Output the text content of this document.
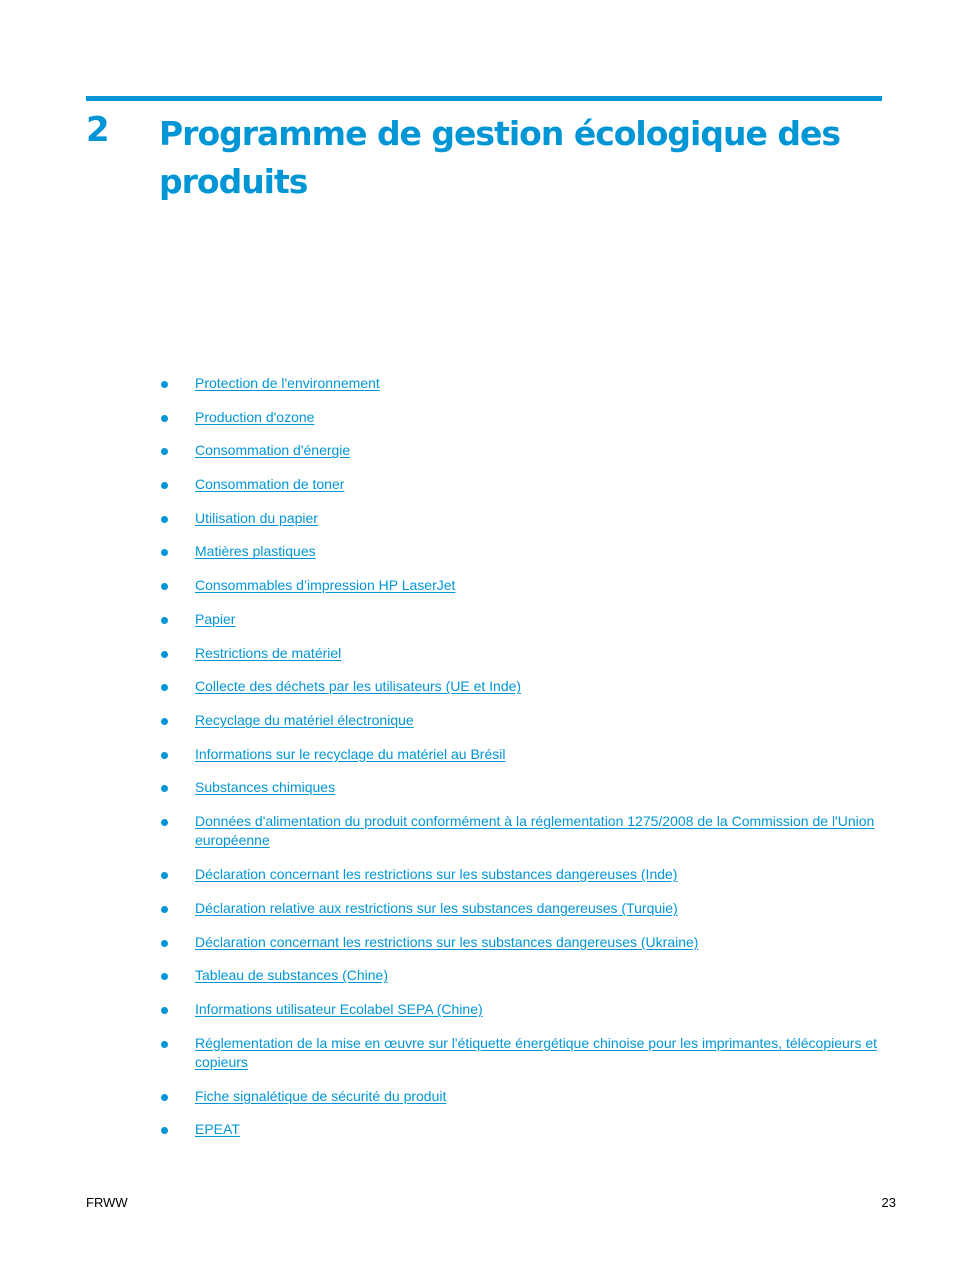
2 Programme de gestion écologique des produits
Protection de l'environnement
Production d'ozone
Consommation d'énergie
Consommation de toner
Utilisation du papier
Matières plastiques
Consommables d’impression HP LaserJet
Papier
Restrictions de matériel
Collecte des déchets par les utilisateurs (UE et Inde)
Recyclage du matériel électronique
Informations sur le recyclage du matériel au Brésil
Substances chimiques
Données d'alimentation du produit conformément à la réglementation 1275/2008 de la Commission de l'Union européenne
Déclaration concernant les restrictions sur les substances dangereuses (Inde)
Déclaration relative aux restrictions sur les substances dangereuses (Turquie)
Déclaration concernant les restrictions sur les substances dangereuses (Ukraine)
Tableau de substances (Chine)
Informations utilisateur Ecolabel SEPA (Chine)
Réglementation de la mise en œuvre sur l'étiquette énergétique chinoise pour les imprimantes, télécopieurs et copieurs
Fiche signalétique de sécurité du produit
EPEAT
FRWW	23
